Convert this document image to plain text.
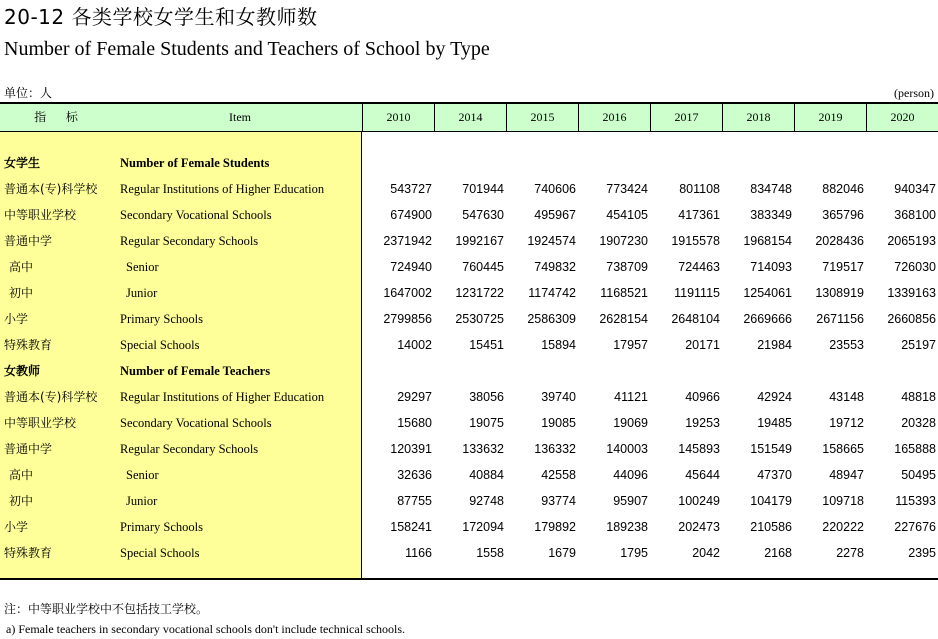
20-12 各类学校女学生和女教师数
Number of Female Students and Teachers of School by Type
单位：人	(person)
指 标	Item	2010	2014	2015	2016	2017	2018	2019	2020
女学生	Number of Female Students
普通本(专)科学校 Regular Institutions of Higher Education	543727	701944	740606	773424	801108	834748	882046	940347
中等职业学校	Secondary Vocational Schools	674900	547630	495967	454105	417361	383349	365796	368100
普通中学	Regular Secondary Schools	2371942	1992167	1924574	1907230	1915578	1968154	2028436	2065193
高中	Senior	724940	760445	749832	738709	724463	714093	719517	726030
初中	Junior	1647002	1231722	1174742	1168521	1191115	1254061	1308919	1339163
小学	Primary Schools	2799856	2530725	2586309	2628154	2648104	2669666	2671156	2660856
特殊教育	Special Schools	14002	15451	15894	17957	20171	21984	23553	25197
女教师	Number of Female Teachers
普通本(专)科学校 Regular Institutions of Higher Education	29297	38056	39740	41121	40966	42924	43148	48818
中等职业学校	Secondary Vocational Schools	15680	19075	19085	19069	19253	19485	19712	20328
普通中学	Regular Secondary Schools	120391	133632	136332	140003	145893	151549	158665	165888
高中	Senior	32636	40884	42558	44096	45644	47370	48947	50495
初中	Junior	87755	92748	93774	95907	100249	104179	109718	115393
小学	Primary Schools	158241	172094	179892	189238	202473	210586	220222	227676
特殊教育	Special Schools	1166	1558	1679	1795	2042	2168	2278	2395
注：中等职业学校中不包括技工学校。
a) Female teachers in secondary vocational schools don't include technical schools.
